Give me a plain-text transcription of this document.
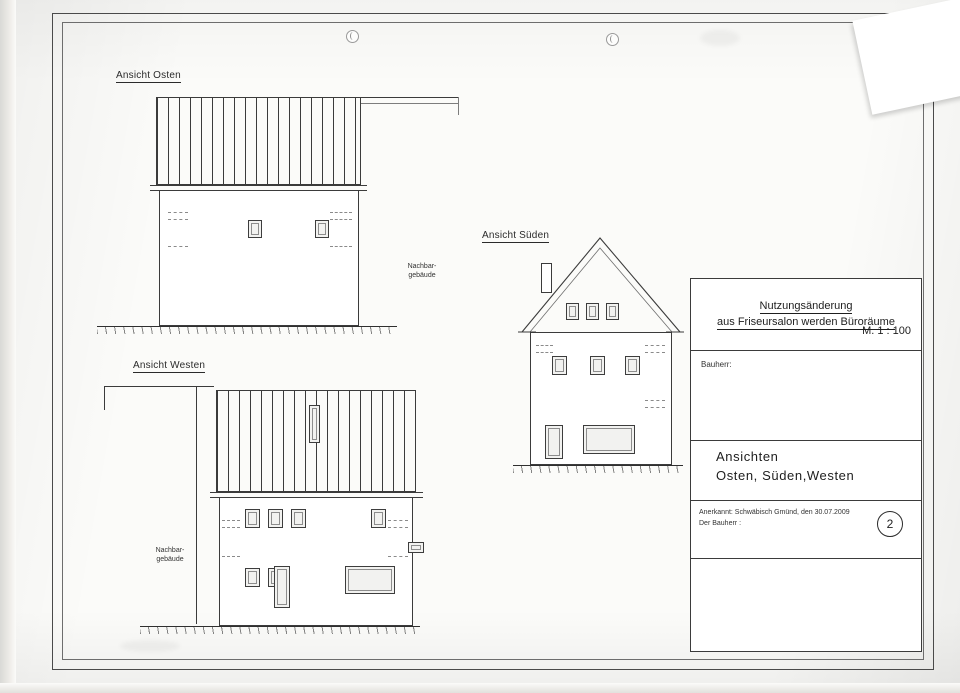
Ansicht Osten
Nachbar-
gebäude
Ansicht Süden
Ansicht Westen
Nachbar-
gebäude
Nutzungsänderung
aus Friseursalon werden Büroräume
Bauherr:
Ansichten
Osten, Süden,Westen
M. 1 : 100
Anerkannt: Schwäbisch Gmünd, den 30.07.2009
Der Bauherr :	2
